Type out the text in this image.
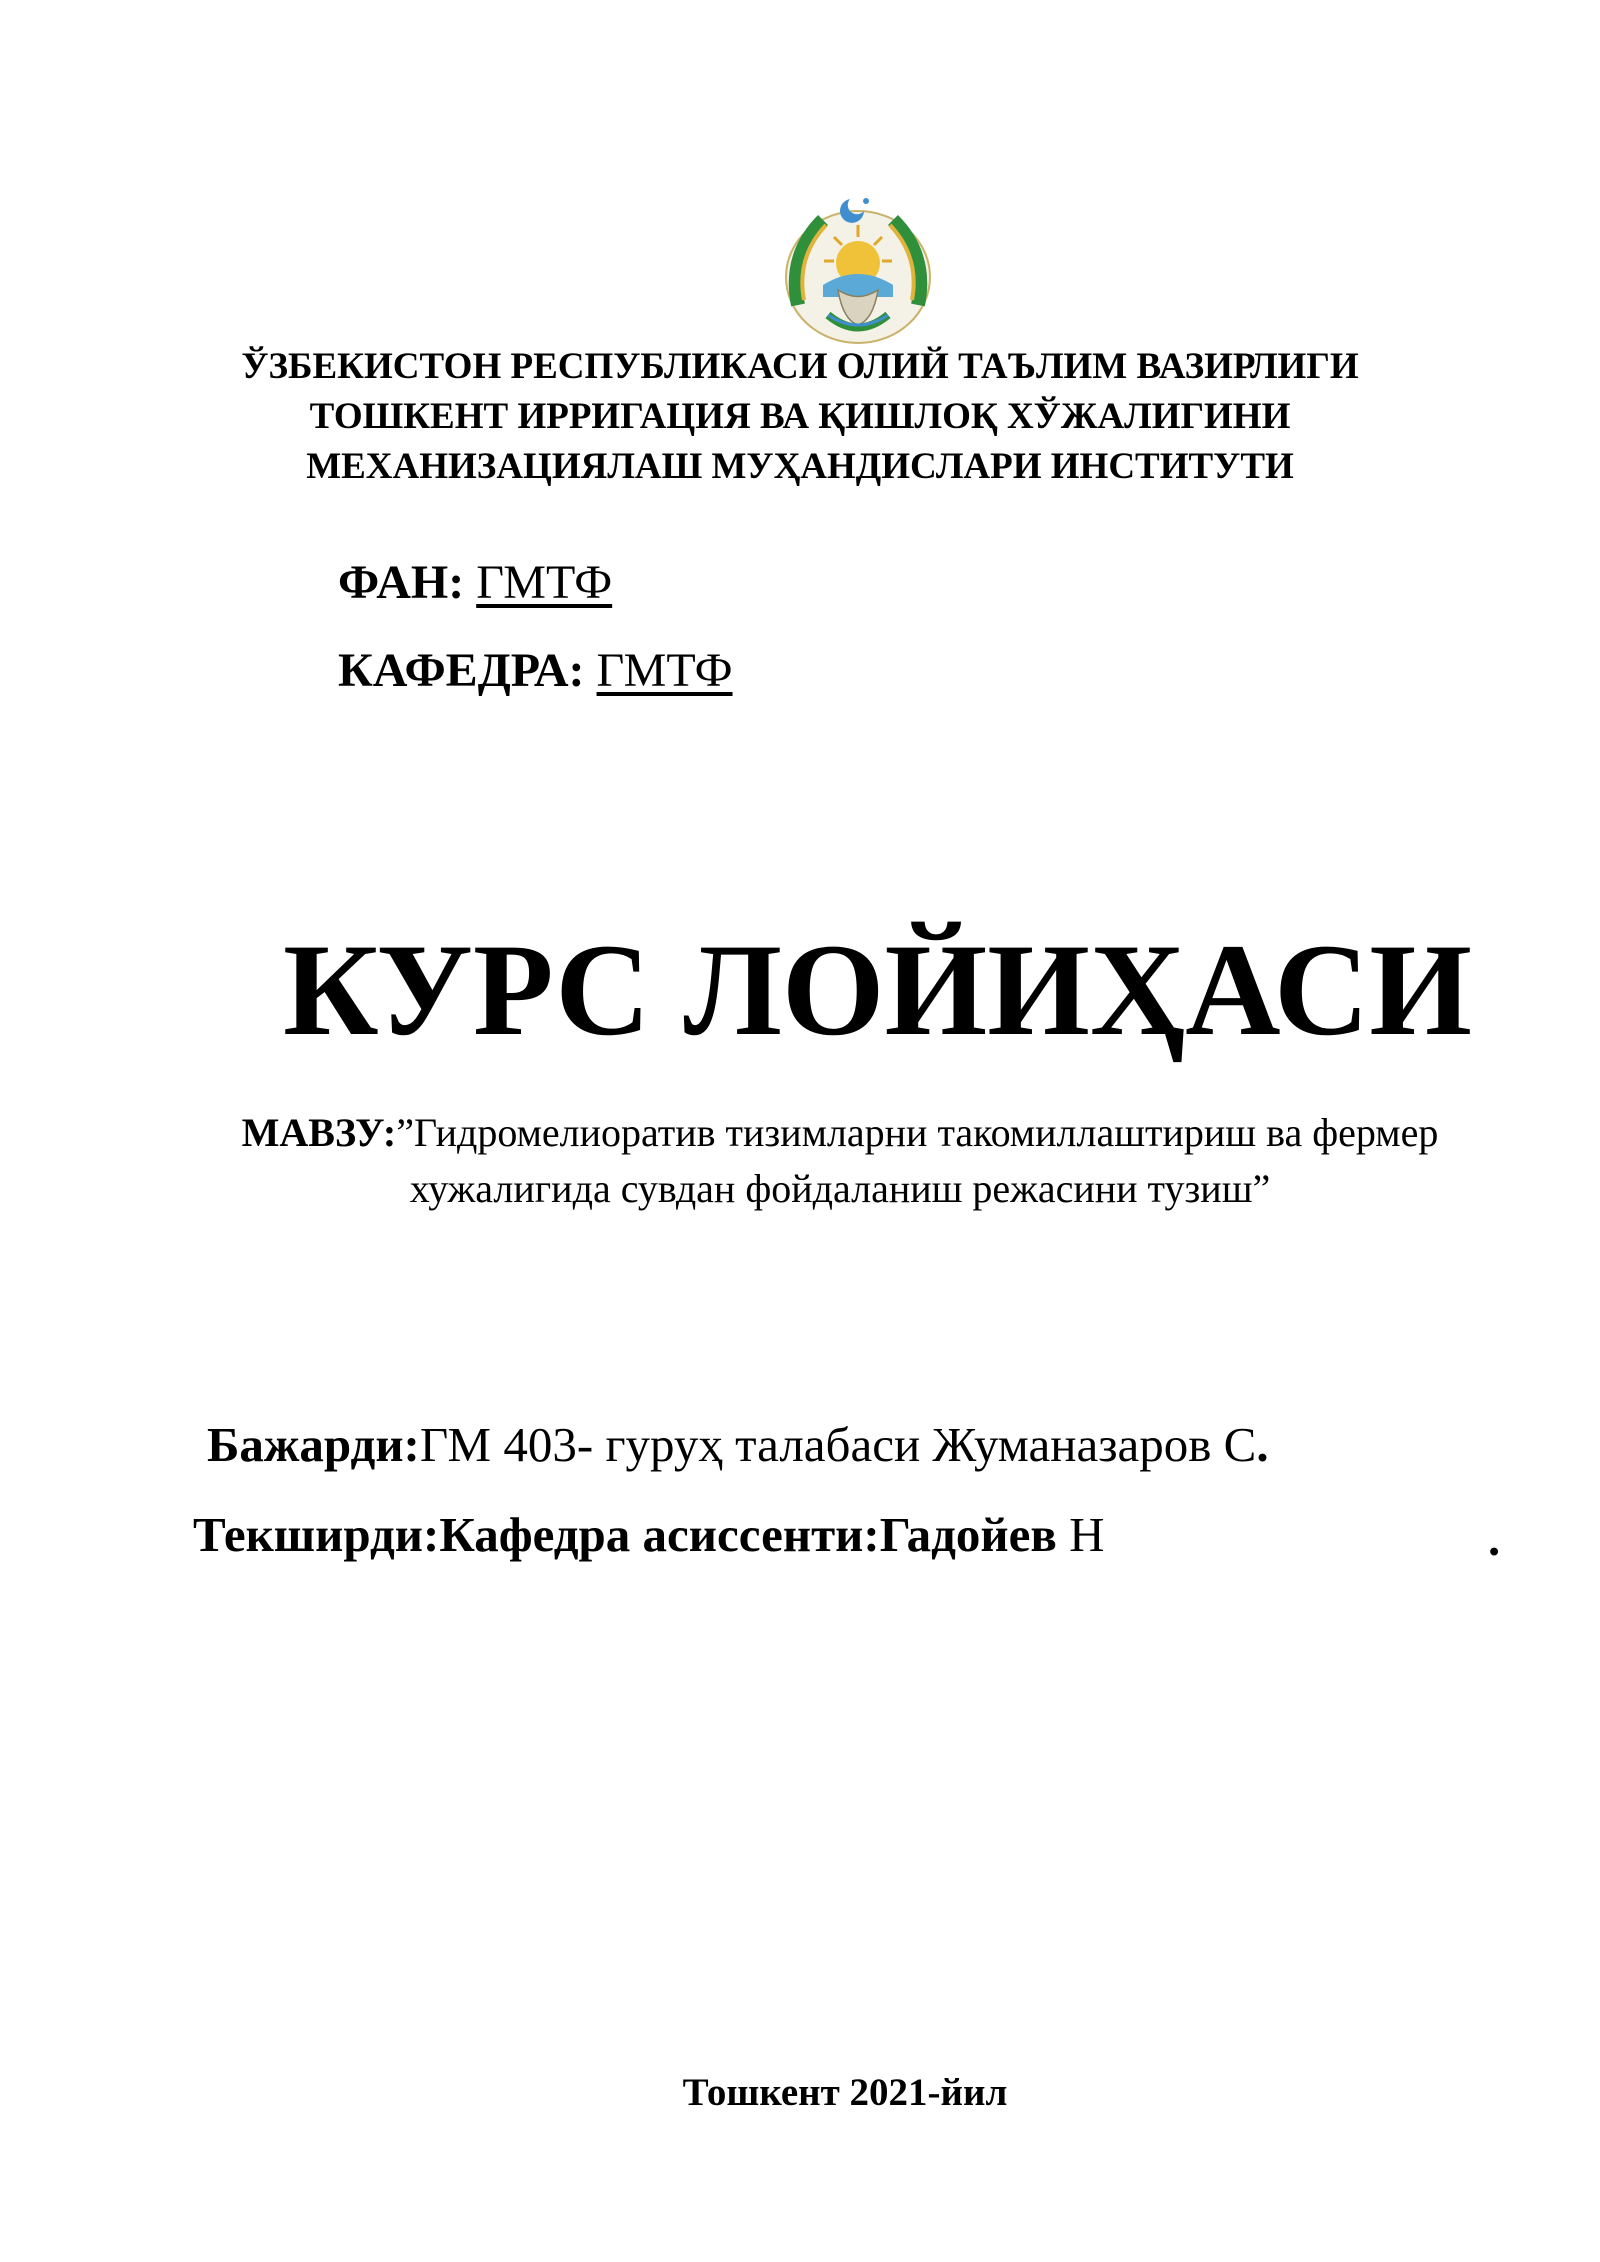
ЎЗБЕКИСТОН РЕСПУБЛИКАСИ ОЛИЙ ТАЪЛИМ ВАЗИРЛИГИ
ТОШКЕНТ ИРРИГАЦИЯ ВА ҚИШЛОҚ ХЎЖАЛИГИНИ
МЕХАНИЗАЦИЯЛАШ МУҲАНДИСЛАРИ ИНСТИТУТИ
ФАН: ГМТФ
КАФЕДРА: ГМТФ
КУРС ЛОЙИҲАСИ
МАВЗУ:”Гидромелиоратив тизимларни такомиллаштириш ва фермер
хужалигида сувдан фойдаланиш режасини тузиш”
Бажарди:ГМ 403- гуруҳ талабаси Жуманазаров С.
Текширди:Кафедра асиссенти:Гадойев Н	.
Тошкент 2021-йил
